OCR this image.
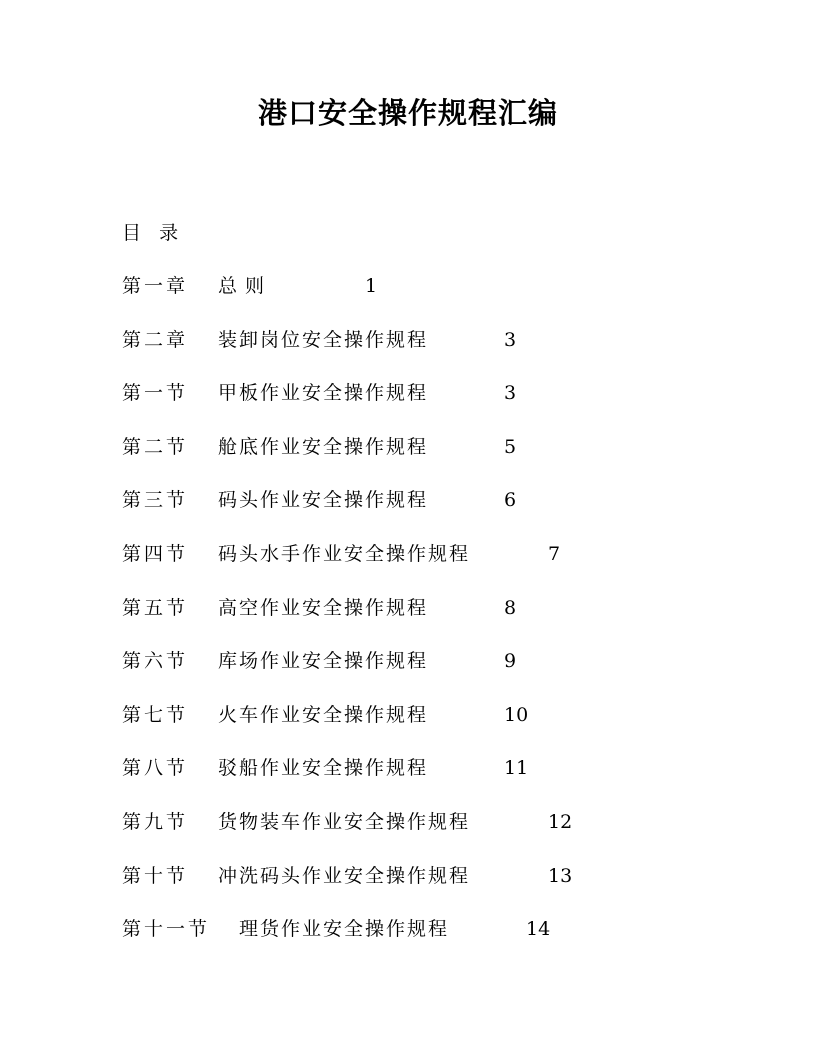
港口安全操作规程汇编
目   录
第一章 总 则	1
第二章 装卸岗位安全操作规程	3
第一节 甲板作业安全操作规程	3
第二节 舱底作业安全操作规程	5
第三节 码头作业安全操作规程	6
第四节 码头水手作业安全操作规程	7
第五节 高空作业安全操作规程	8
第六节 库场作业安全操作规程	9
第七节 火车作业安全操作规程	10
第八节 驳船作业安全操作规程	11
第九节 货物装车作业安全操作规程	12
第十节 冲洗码头作业安全操作规程	13
第十一节 理货作业安全操作规程	14
